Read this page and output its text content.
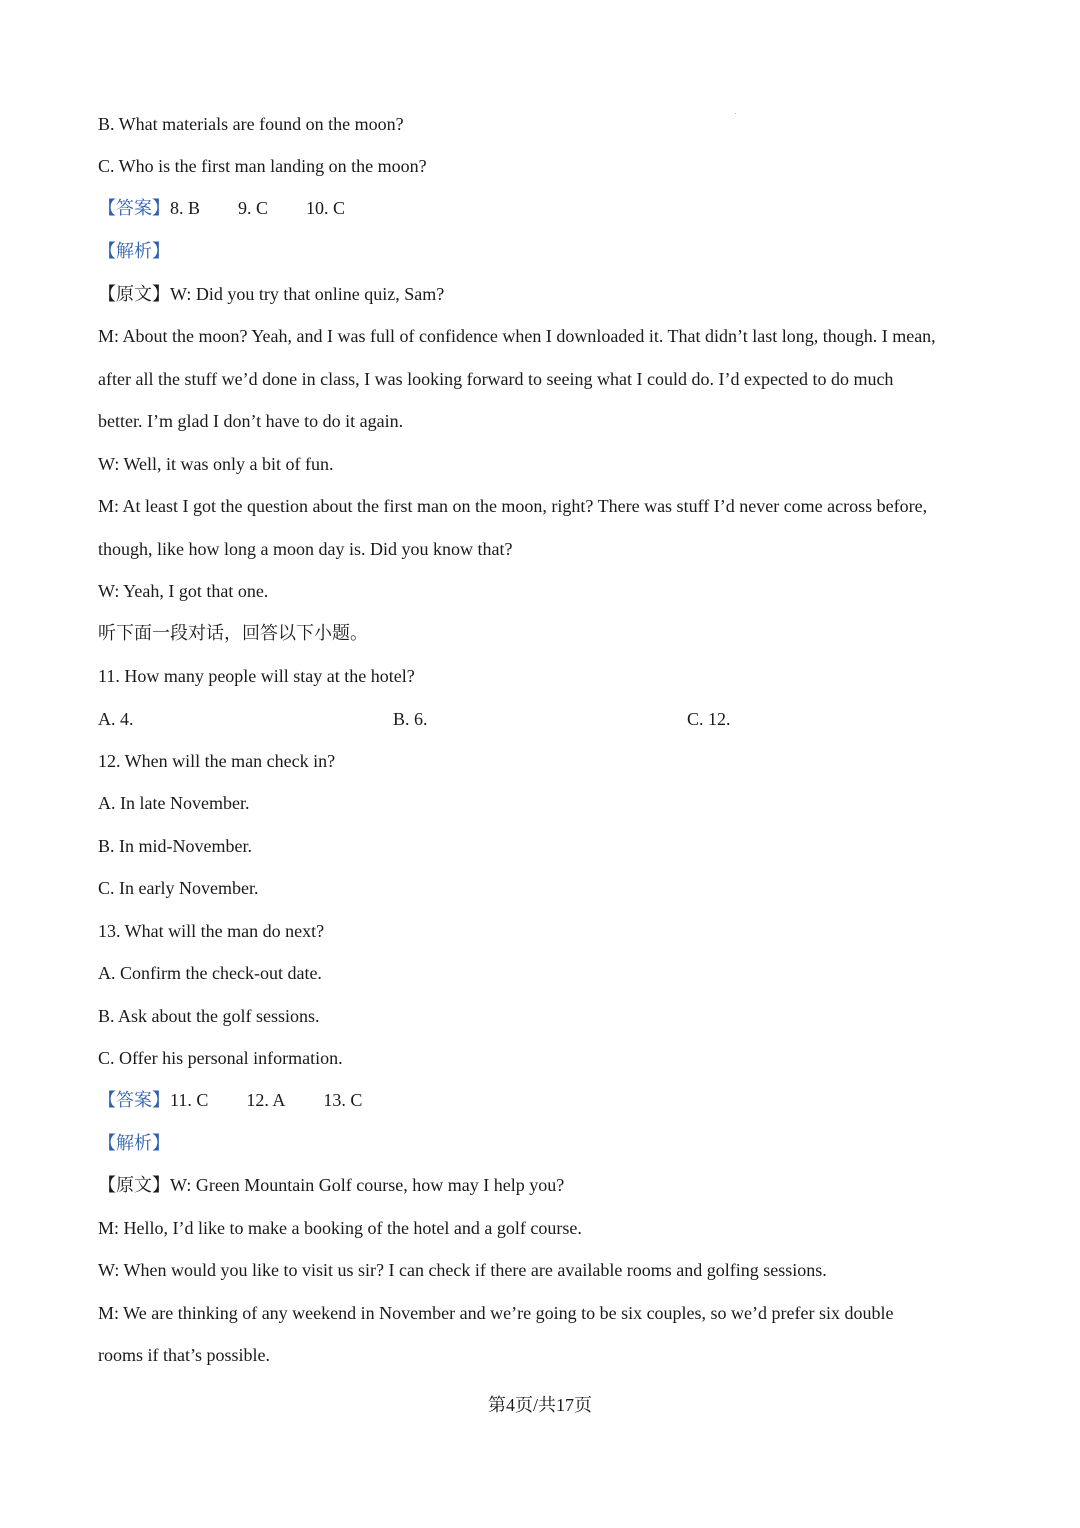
B. What materials are found on the moon?
C. Who is the first man landing on the moon?
【答案】8. B 9. C 10. C
【解析】
【原文】W: Did you try that online quiz, Sam?
M: About the moon? Yeah, and I was full of confidence when I downloaded it. That didn’t last long, though. I mean,
after all the stuff we’d done in class, I was looking forward to seeing what I could do. I’d expected to do much
better. I’m glad I don’t have to do it again.
W: Well, it was only a bit of fun.
M: At least I got the question about the first man on the moon, right? There was stuff I’d never come across before,
though, like how long a moon day is. Did you know that?
W: Yeah, I got that one.
听下面一段对话，回答以下小题。
11. How many people will stay at the hotel?
A. 4.	B. 6.	C. 12.
12. When will the man check in?
A. In late November.
B. In mid-November.
C. In early November.
13. What will the man do next?
A. Confirm the check-out date.
B. Ask about the golf sessions.
C. Offer his personal information.
【答案】11. C 12. A 13. C
【解析】
【原文】W: Green Mountain Golf course, how may I help you?
M: Hello, I’d like to make a booking of the hotel and a golf course.
W: When would you like to visit us sir? I can check if there are available rooms and golfing sessions.
M: We are thinking of any weekend in November and we’re going to be six couples, so we’d prefer six double
rooms if that’s possible.
第4页/共17页
